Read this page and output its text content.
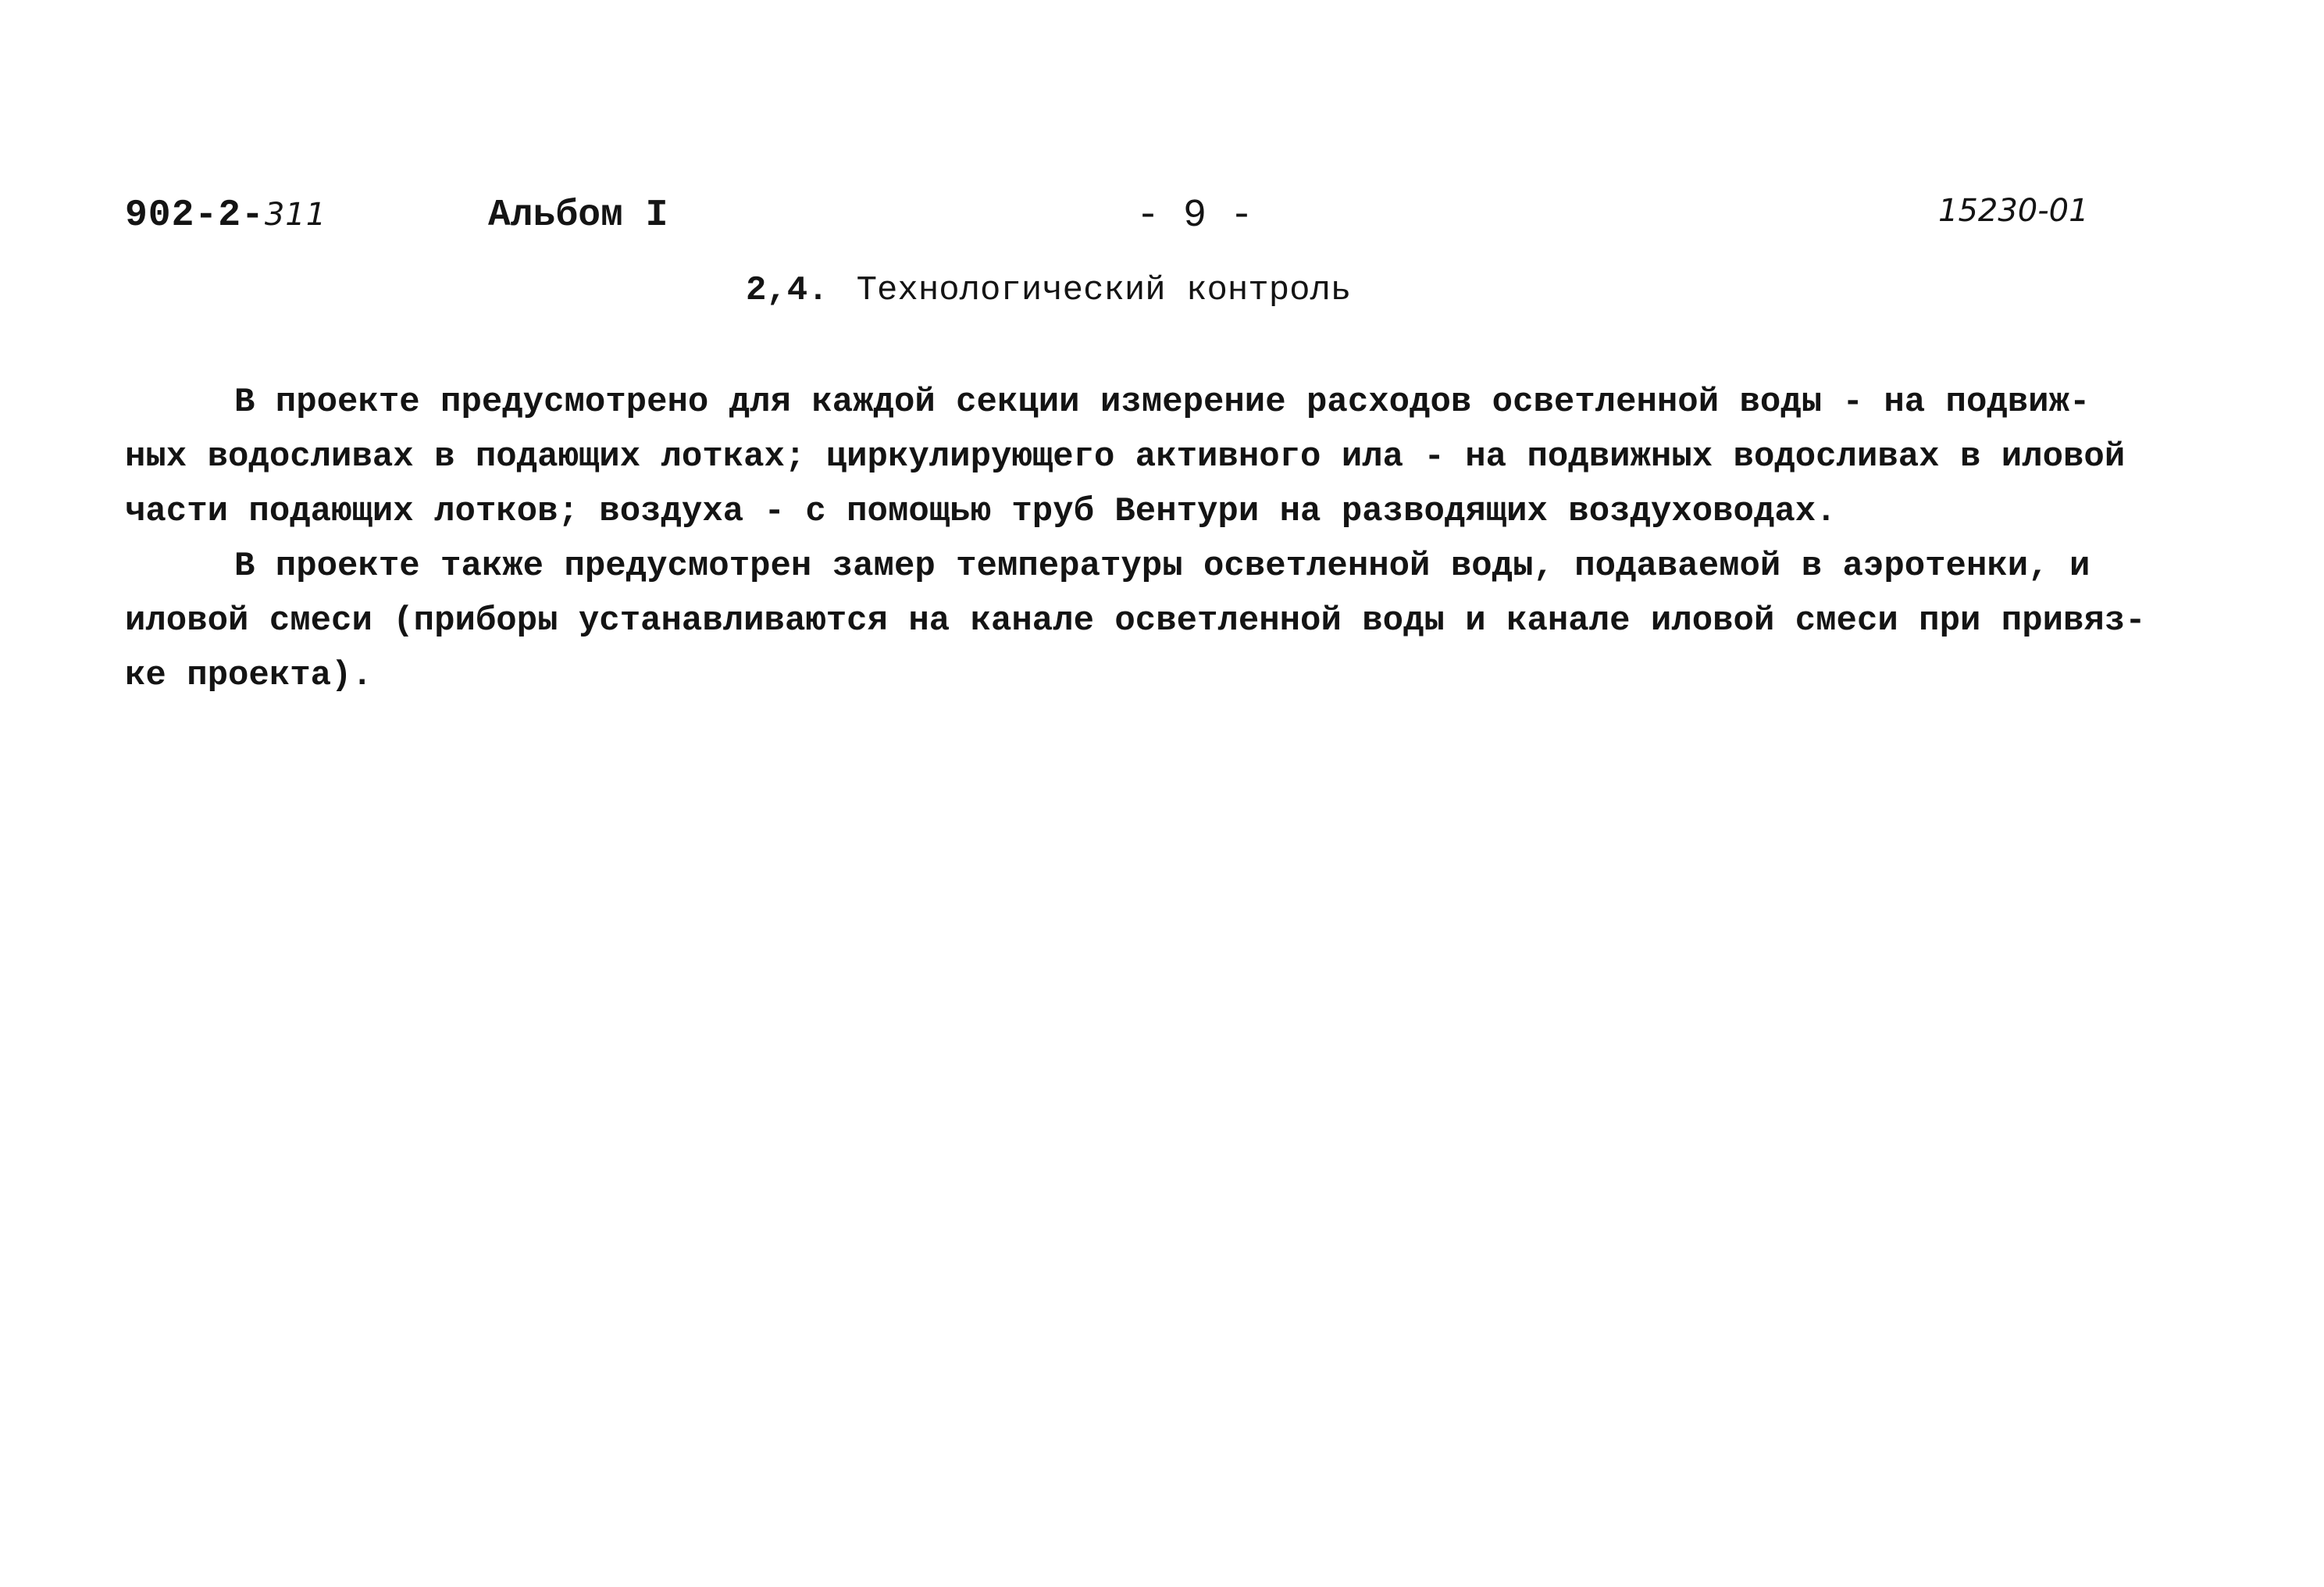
902-2-311	Альбом I	- 9 -	15230-01
2,4. Технологический контроль
В проекте предусмотрено для каждой секции измерение расходов осветленной воды - на подвиж-
ных водосливах в подающих лотках; циркулирующего активного ила - на подвижных водосливах в иловой
части подающих лотков; воздуха - с помощью труб Вентури на разводящих воздуховодах.
В проекте также предусмотрен замер температуры осветленной воды, подаваемой в аэротенки, и
иловой смеси (приборы устанавливаются на канале осветленной воды и канале иловой смеси при привяз-
ке проекта).
